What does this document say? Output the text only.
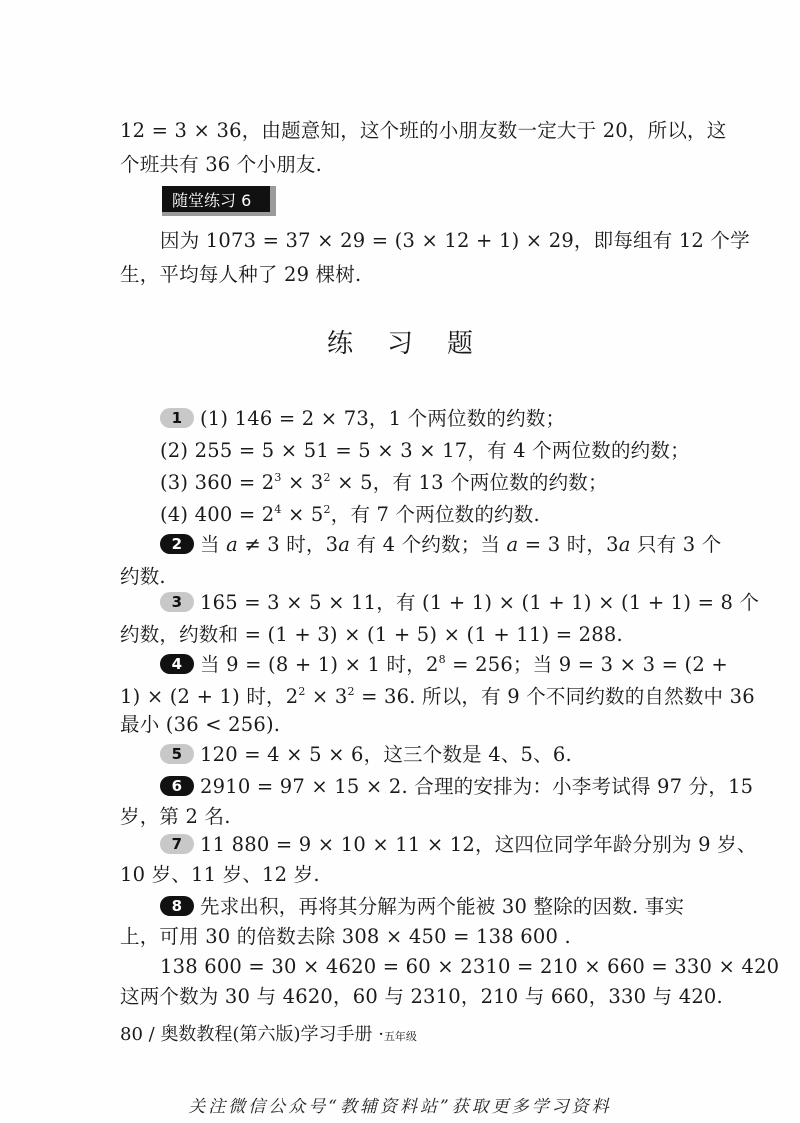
12 = 3 × 36，由题意知，这个班的小朋友数一定大于 20，所以，这
个班共有 36 个小朋友.
随堂练习 6
因为 1073 = 37 × 29 = (3 × 12 + 1) × 29，即每组有 12 个学
生，平均每人种了 29 棵树.
练习题
1 (1) 146 = 2 × 73，1 个两位数的约数；
(2) 255 = 5 × 51 = 5 × 3 × 17，有 4 个两位数的约数；
(3) $360 = 2^3 \times 3^2 \times 5$，有 13 个两位数的约数；
(4) $400 = 2^4 \times 5^2$，有 7 个两位数的约数.
2 当 a ≠ 3 时，3a 有 4 个约数；当 a = 3 时，3a 只有 3 个
约数.
3 165 = 3 × 5 × 11，有 (1 + 1) × (1 + 1) × (1 + 1) = 8 个
约数，约数和 = (1 + 3) × (1 + 5) × (1 + 11) = 288.
4 当 9 = (8 + 1) × 1 时，$2^8 = 256$；当 9 = 3 × 3 = (2 +
1) × (2 + 1) 时，$2^2 \times 3^2 = 36$. 所以，有 9 个不同约数的自然数中 36
最小 (36 < 256).
5 120 = 4 × 5 × 6，这三个数是 4、5、6.
6 2910 = 97 × 15 × 2. 合理的安排为：小李考试得 97 分，15
岁，第 2 名.
7 11 880 = 9 × 10 × 11 × 12，这四位同学年龄分别为 9 岁、
10 岁、11 岁、12 岁.
8 先求出积，再将其分解为两个能被 30 整除的因数. 事实
上，可用 30 的倍数去除 308 × 450 = 138 600 .
138 600 = 30 × 4620 = 60 × 2310 = 210 × 660 = 330 × 420
这两个数为 30 与 4620，60 与 2310，210 与 660，330 与 420.
80 / 奥数教程(第六版)学习手册 ·五年级
关注微信公众号“教辅资料站”获取更多学习资料
